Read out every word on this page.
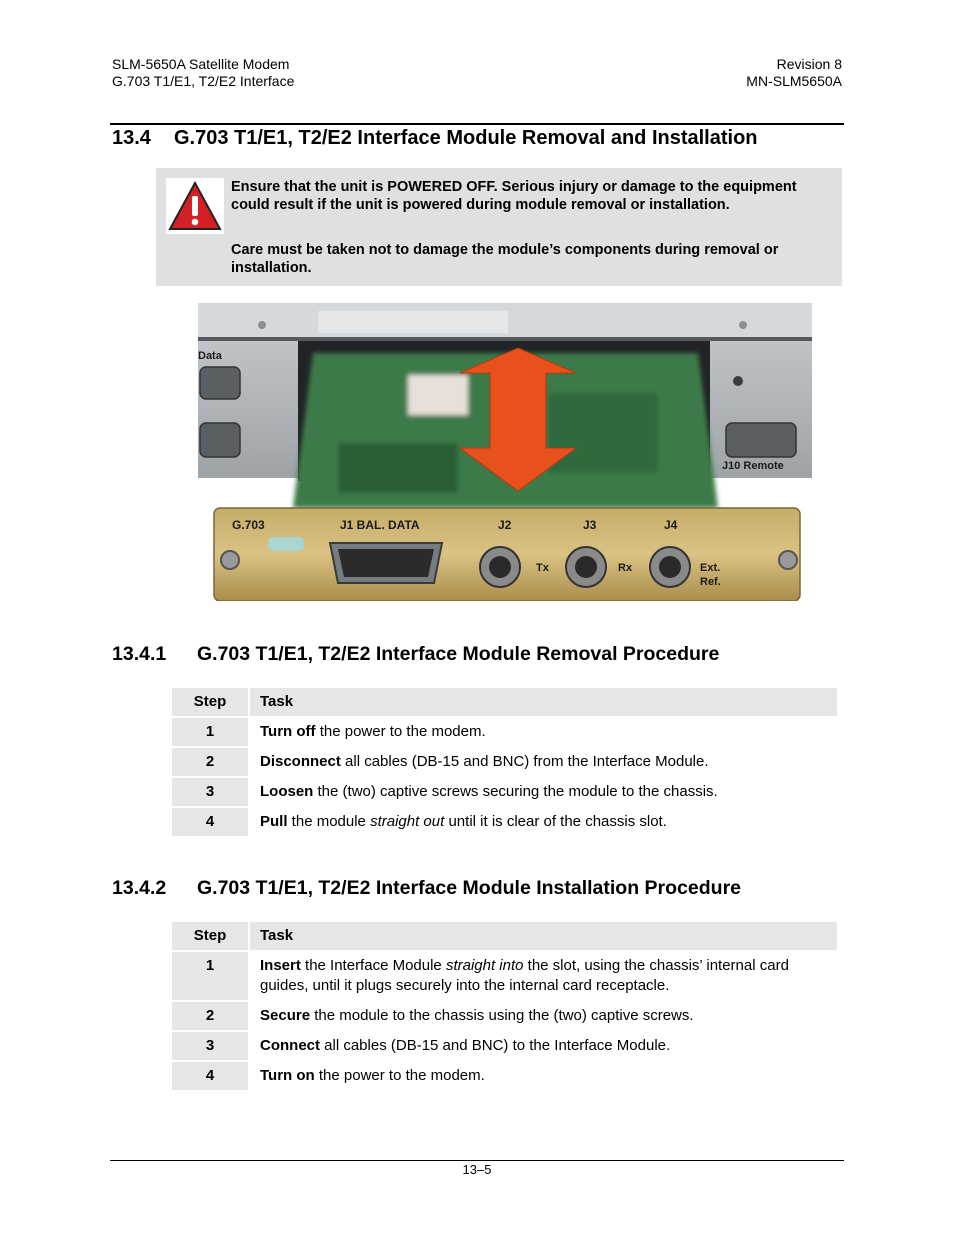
SLM-5650A Satellite Modem
G.703 T1/E1, T2/E2 Interface
Revision 8
MN-SLM5650A
13.4 G.703 T1/E1, T2/E2 Interface Module Removal and Installation

Ensure that the unit is POWERED OFF. Serious injury or damage to the equipment could result if the unit is powered during module removal or installation.

Care must be taken not to damage the module’s components during removal or installation.

Data
J10 Remote
G.703	J1 BAL. DATA	J2
Tx
J3
Rx
J4
Ext.
Ref.
13.4.1 G.703 T1/E1, T2/E2 Interface Module Removal Procedure
Step	Task
1	Turn off the power to the modem.
2	Disconnect all cables (DB-15 and BNC) from the Interface Module.
3	Loosen the (two) captive screws securing the module to the chassis.
4	Pull the module straight out until it is clear of the chassis slot.
13.4.2 G.703 T1/E1, T2/E2 Interface Module Installation Procedure
Step	Task
1	Insert the Interface Module straight into the slot, using the chassis’ internal card guides, until it plugs securely into the internal card receptacle.
2	Secure the module to the chassis using the (two) captive screws.
3	Connect all cables (DB-15 and BNC) to the Interface Module.
4	Turn on the power to the modem.
13–5
